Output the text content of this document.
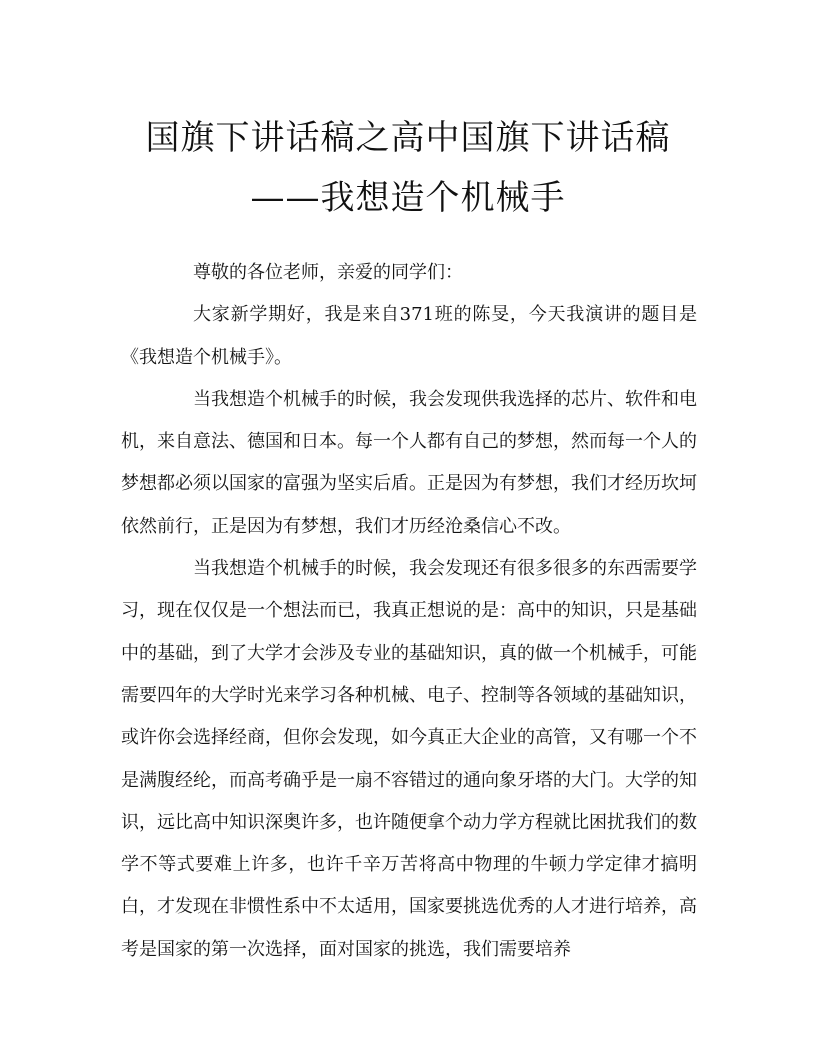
国旗下讲话稿之高中国旗下讲话稿
——我想造个机械手

尊敬的各位老师，亲爱的同学们：

大家新学期好，我是来自371班的陈旻，今天我演讲的题目是《我想造个机械手》。

当我想造个机械手的时候，我会发现供我选择的芯片、软件和电机，来自意法、德国和日本。每一个人都有自己的梦想，然而每一个人的梦想都必须以国家的富强为坚实后盾。正是因为有梦想，我们才经历坎坷依然前行，正是因为有梦想，我们才历经沧桑信心不改。

当我想造个机械手的时候，我会发现还有很多很多的东西需要学习，现在仅仅是一个想法而已，我真正想说的是：高中的知识，只是基础中的基础，到了大学才会涉及专业的基础知识，真的做一个机械手，可能需要四年的大学时光来学习各种机械、电子、控制等各领域的基础知识，或许你会选择经商，但你会发现，如今真正大企业的高管，又有哪一个不是满腹经纶，而高考确乎是一扇不容错过的通向象牙塔的大门。大学的知识，远比高中知识深奥许多，也许随便拿个动力学方程就比困扰我们的数学不等式要难上许多，也许千辛万苦将高中物理的牛顿力学定律才搞明白，才发现在非惯性系中不太适用，国家要挑选优秀的人才进行培养，高考是国家的第一次选择，面对国家的挑选，我们需要培养
